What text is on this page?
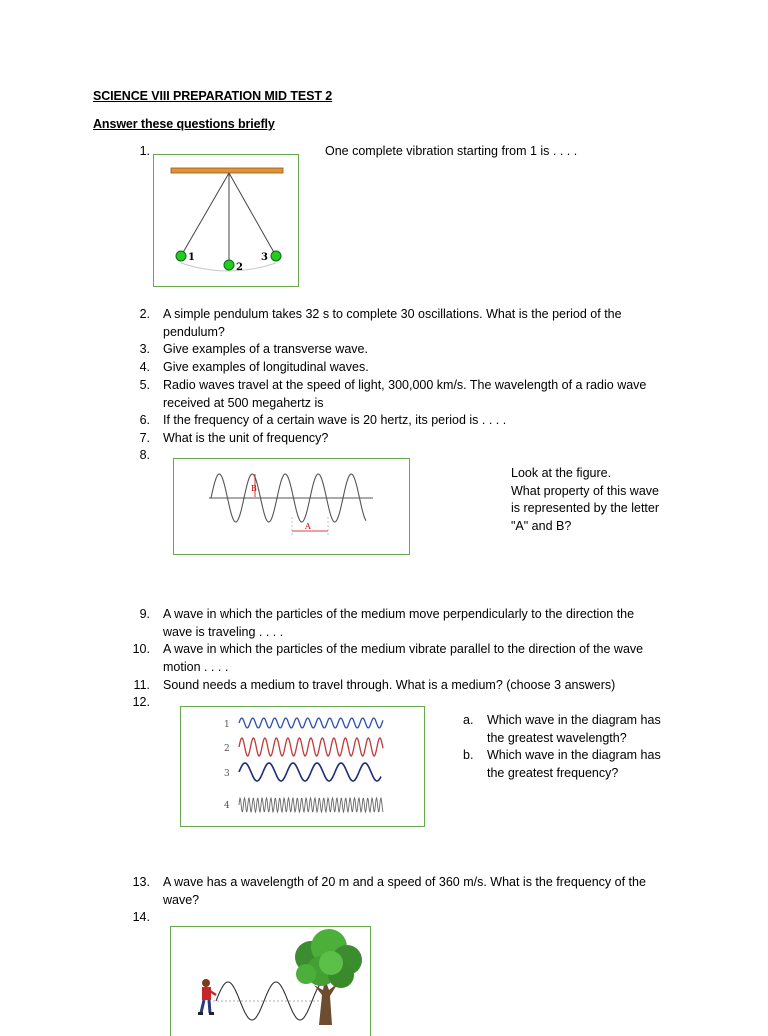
SCIENCE VIII PREPARATION MID TEST 2
Answer these questions briefly
1.	One complete vibration starting from 1 is . . . .
1
2
3
2. A simple pendulum takes 32 s to complete 30 oscillations. What is the period of the
pendulum?
3. Give examples of a transverse wave.
4. Give examples of longitudinal waves.
5. Radio waves travel at the speed of light, 300,000 km/s. The wavelength of a radio wave
received at 500 megahertz is
6. If the frequency of a certain wave is 20 hertz, its period is . . . .
7. What is the unit of frequency?
8.
B
A
Look at the figure.
What property of this wave
is represented by the letter
"A" and B?
9. A wave in which the particles of the medium move perpendicularly to the direction the
wave is traveling . . . .
10. A wave in which the particles of the medium vibrate parallel to the direction of the wave
motion . . . .
11. Sound needs a medium to travel through. What is a medium? (choose 3 answers)
12.
1
2
3
4
a. Which wave in the diagram has
the greatest wavelength?
b. Which wave in the diagram has
the greatest frequency?
13. A wave has a wavelength of 20 m and a speed of 360 m/s. What is the frequency of the
wave?
14.
